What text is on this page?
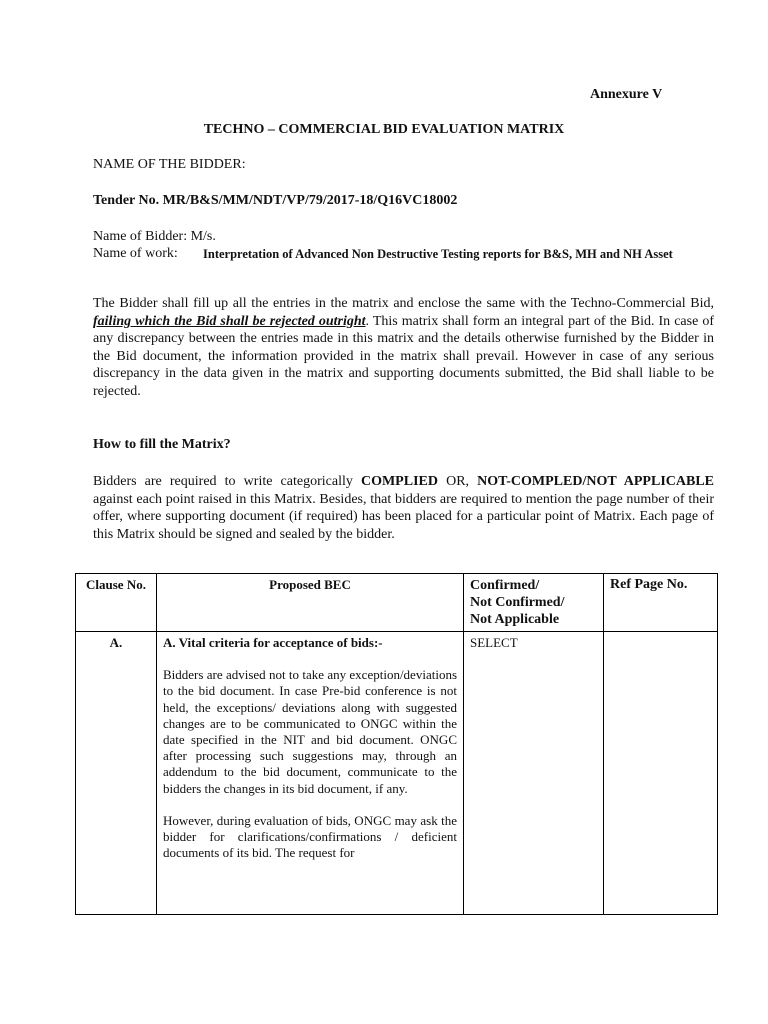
Annexure V
TECHNO – COMMERCIAL BID EVALUATION MATRIX
NAME OF THE BIDDER:
Tender No. MR/B&S/MM/NDT/VP/79/2017-18/Q16VC18002
Name of Bidder: M/s.
Name of work: Interpretation of Advanced Non Destructive Testing reports for B&S, MH and NH Asset
The Bidder shall fill up all the entries in the matrix and enclose the same with the Techno-Commercial Bid, failing which the Bid shall be rejected outright. This matrix shall form an integral part of the Bid. In case of any discrepancy between the entries made in this matrix and the details otherwise furnished by the Bidder in the Bid document, the information provided in the matrix shall prevail. However in case of any serious discrepancy in the data given in the matrix and supporting documents submitted, the Bid shall liable to be rejected.
How to fill the Matrix?
Bidders are required to write categorically COMPLIED OR, NOT-COMPLED/NOT APPLICABLE against each point raised in this Matrix. Besides, that bidders are required to mention the page number of their offer, where supporting document (if required) has been placed for a particular point of Matrix. Each page of this Matrix should be signed and sealed by the bidder.
Clause No.	Proposed BEC	Confirmed/
Not Confirmed/
Not Applicable	Ref Page No.
A.	A. Vital criteria for acceptance of bids:-

Bidders are advised not to take any exception/deviations to the bid document. In case Pre-bid conference is not held, the exceptions/ deviations along with suggested changes are to be communicated to ONGC within the date specified in the NIT and bid document. ONGC after processing such suggestions may, through an addendum to the bid document, communicate to the bidders the changes in its bid document, if any.

However, during evaluation of bids, ONGC may ask the bidder for clarifications/confirmations / deficient documents of its bid. The request for	SELECT	
